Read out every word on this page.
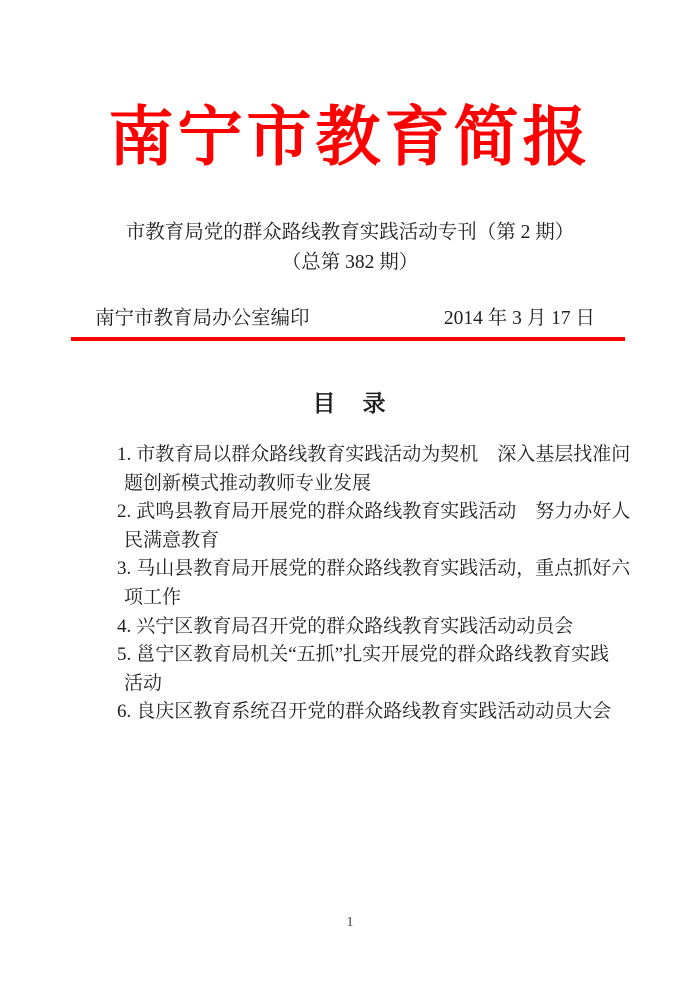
南宁市教育简报
市教育局党的群众路线教育实践活动专刊（第 2 期）
（总第 382 期）
南宁市教育局办公室编印	2014 年 3 月 17 日
目　录
1. 市教育局以群众路线教育实践活动为契机　深入基层找准问
题创新模式推动教师专业发展
2. 武鸣县教育局开展党的群众路线教育实践活动　努力办好人
民满意教育
3. 马山县教育局开展党的群众路线教育实践活动，重点抓好六
项工作
4. 兴宁区教育局召开党的群众路线教育实践活动动员会
5. 邕宁区教育局机关“五抓”扎实开展党的群众路线教育实践
活动
6. 良庆区教育系统召开党的群众路线教育实践活动动员大会
1
